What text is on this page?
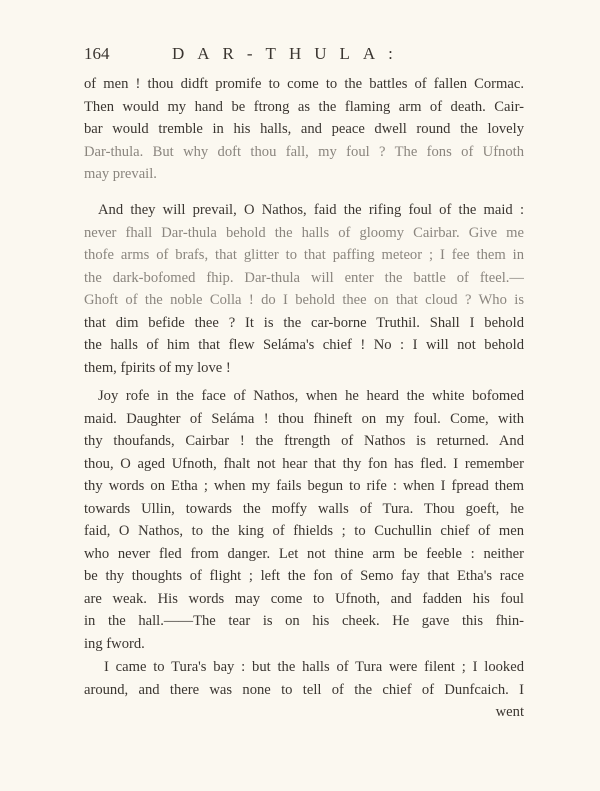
164	DAR-THULA:
of men ! thou didft promife to come to the battles of fallen Cormac.
Then would my hand be ftrong as the flaming arm of death. Cair-
bar would tremble in his halls, and peace dwell round the lovely
Dar-thula. But why doft thou fall, my foul ? The fons of Ufnoth
may prevail.
And they will prevail, O Nathos, faid the rifing foul of the maid :
never fhall Dar-thula behold the halls of gloomy Cairbar. Give me
thofe arms of brafs, that glitter to that paffing meteor ; I fee them in
the dark-bofomed fhip. Dar-thula will enter the battle of fteel.—
Ghoft of the noble Colla ! do I behold thee on that cloud ? Who is
that dim befide thee ? It is the car-borne Truthil. Shall I behold
the halls of him that flew Seláma's chief ! No : I will not behold
them, fpirits of my love !
Joy rofe in the face of Nathos, when he heard the white bofomed
maid. Daughter of Seláma ! thou fhineft on my foul. Come, with
thy thoufands, Cairbar ! the ftrength of Nathos is returned. And
thou, O aged Ufnoth, fhalt not hear that thy fon has fled. I remember
thy words on Etha ; when my fails begun to rife : when I fpread them
towards Ullin, towards the moffy walls of Tura. Thou goeft, he
faid, O Nathos, to the king of fhields ; to Cuchullin chief of men
who never fled from danger. Let not thine arm be feeble : neither
be thy thoughts of flight ; left the fon of Semo fay that Etha's race
are weak. His words may come to Ufnoth, and fadden his foul
in the hall.——The tear is on his cheek. He gave this fhin-
ing fword.
I came to Tura's bay : but the halls of Tura were filent ; I looked
around, and there was none to tell of the chief of Dunfcaich. I
went
